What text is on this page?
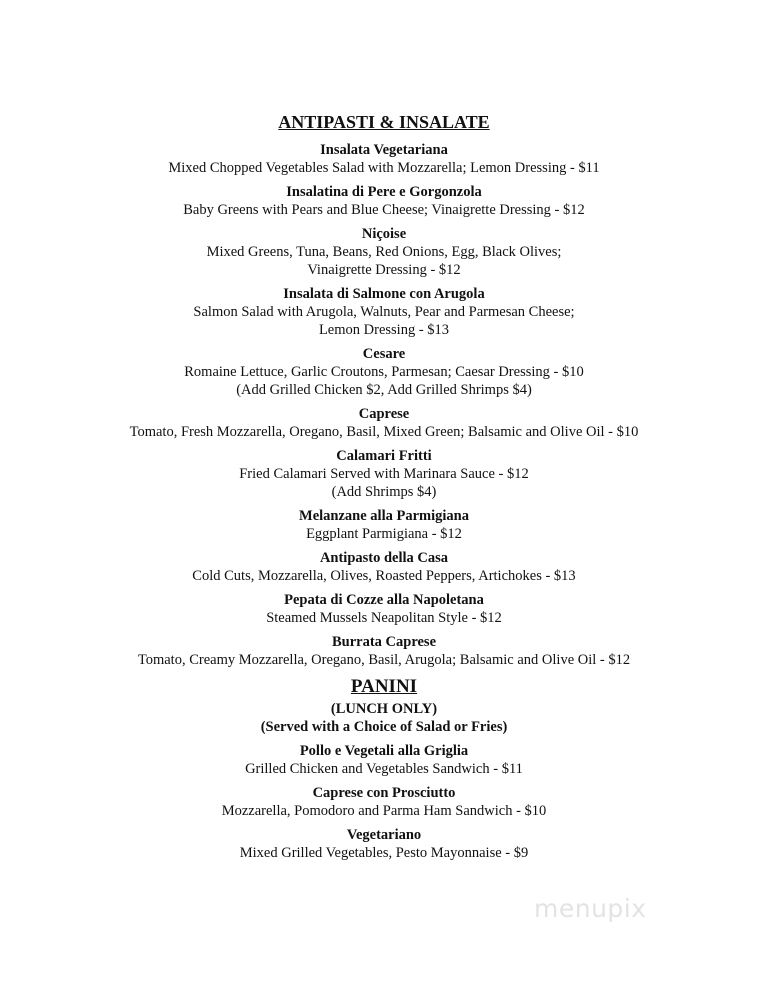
ANTIPASTI & INSALATE
Insalata Vegetariana
Mixed Chopped Vegetables Salad with Mozzarella; Lemon Dressing - $11
Insalatina di Pere e Gorgonzola
Baby Greens with Pears and Blue Cheese; Vinaigrette Dressing - $12
Niçoise
Mixed Greens, Tuna, Beans, Red Onions, Egg, Black Olives;
Vinaigrette Dressing - $12
Insalata di Salmone con Arugola
Salmon Salad with Arugola, Walnuts, Pear and Parmesan Cheese;
Lemon Dressing - $13
Cesare
Romaine Lettuce, Garlic Croutons, Parmesan; Caesar Dressing - $10
(Add Grilled Chicken $2, Add Grilled Shrimps $4)
Caprese
Tomato, Fresh Mozzarella, Oregano, Basil, Mixed Green; Balsamic and Olive Oil - $10
Calamari Fritti
Fried Calamari Served with Marinara Sauce - $12
(Add Shrimps $4)
Melanzane alla Parmigiana
Eggplant Parmigiana - $12
Antipasto della Casa
Cold Cuts, Mozzarella, Olives, Roasted Peppers, Artichokes - $13
Pepata di Cozze alla Napoletana
Steamed Mussels Neapolitan Style - $12
Burrata Caprese
Tomato, Creamy Mozzarella, Oregano, Basil, Arugola; Balsamic and Olive Oil - $12
PANINI
(LUNCH ONLY)
(Served with a Choice of Salad or Fries)
Pollo e Vegetali alla Griglia
Grilled Chicken and Vegetables Sandwich - $11
Caprese con Prosciutto
Mozzarella, Pomodoro and Parma Ham Sandwich - $10
Vegetariano
Mixed Grilled Vegetables, Pesto Mayonnaise - $9
menupix
